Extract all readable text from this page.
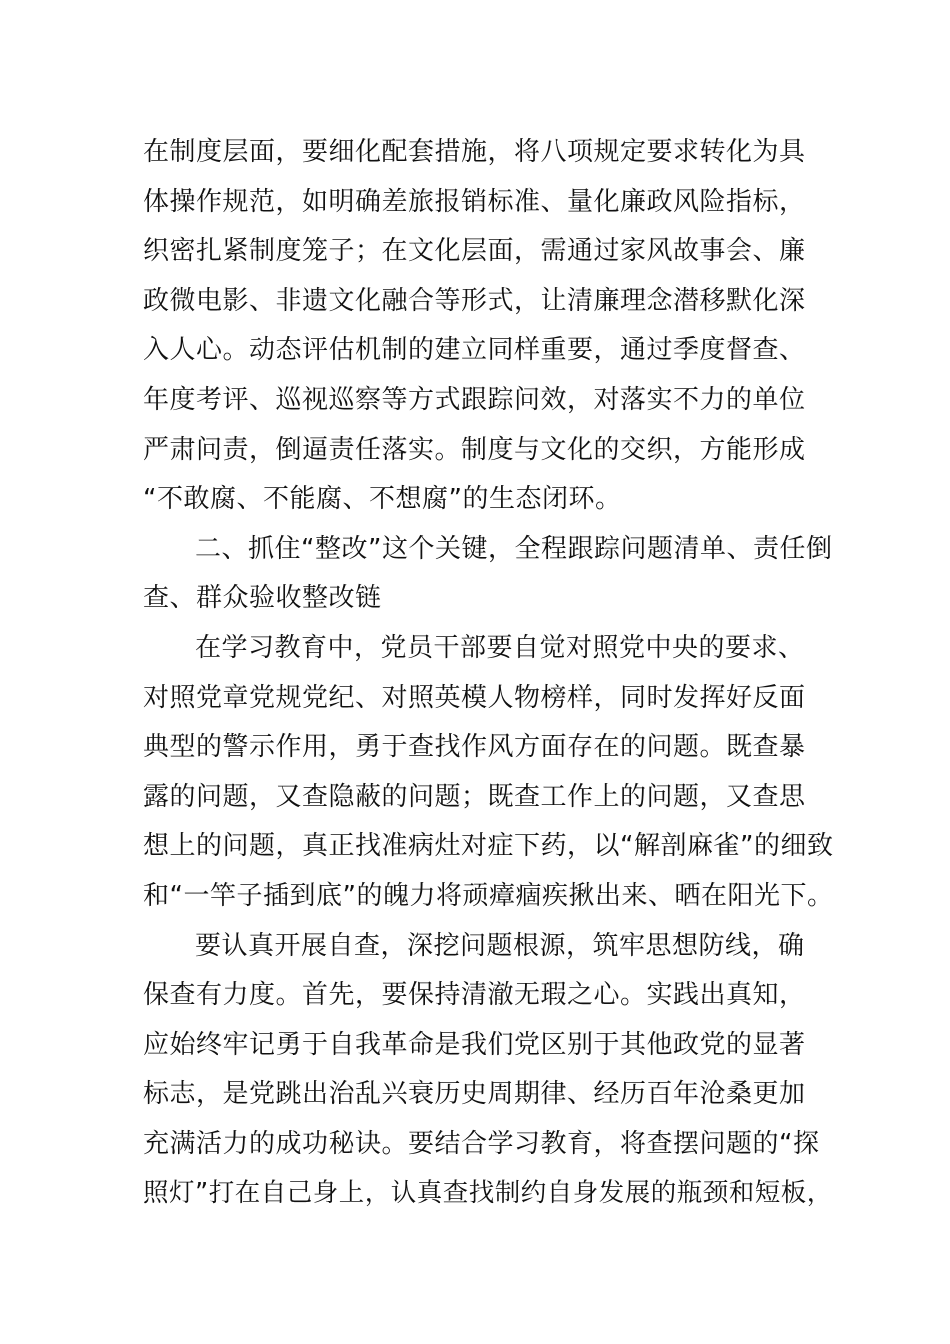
在制度层面，要细化配套措施，将八项规定要求转化为具
体操作规范，如明确差旅报销标准、量化廉政风险指标，
织密扎紧制度笼子；在文化层面，需通过家风故事会、廉
政微电影、非遗文化融合等形式，让清廉理念潜移默化深
入人心。动态评估机制的建立同样重要，通过季度督查、
年度考评、巡视巡察等方式跟踪问效，对落实不力的单位
严肃问责，倒逼责任落实。制度与文化的交织，方能形成
“不敢腐、不能腐、不想腐”的生态闭环。
二、抓住“整改”这个关键，全程跟踪问题清单、责任倒
查、群众验收整改链
在学习教育中，党员干部要自觉对照党中央的要求、
对照党章党规党纪、对照英模人物榜样，同时发挥好反面
典型的警示作用，勇于查找作风方面存在的问题。既查暴
露的问题，又查隐蔽的问题；既查工作上的问题，又查思
想上的问题，真正找准病灶对症下药，以“解剖麻雀”的细致
和“一竿子插到底”的魄力将顽瘴痼疾揪出来、晒在阳光下。
要认真开展自查，深挖问题根源，筑牢思想防线，确
保查有力度。首先，要保持清澈无瑕之心。实践出真知，
应始终牢记勇于自我革命是我们党区别于其他政党的显著
标志，是党跳出治乱兴衰历史周期律、经历百年沧桑更加
充满活力的成功秘诀。要结合学习教育，将查摆问题的“探
照灯”打在自己身上，认真查找制约自身发展的瓶颈和短板，
